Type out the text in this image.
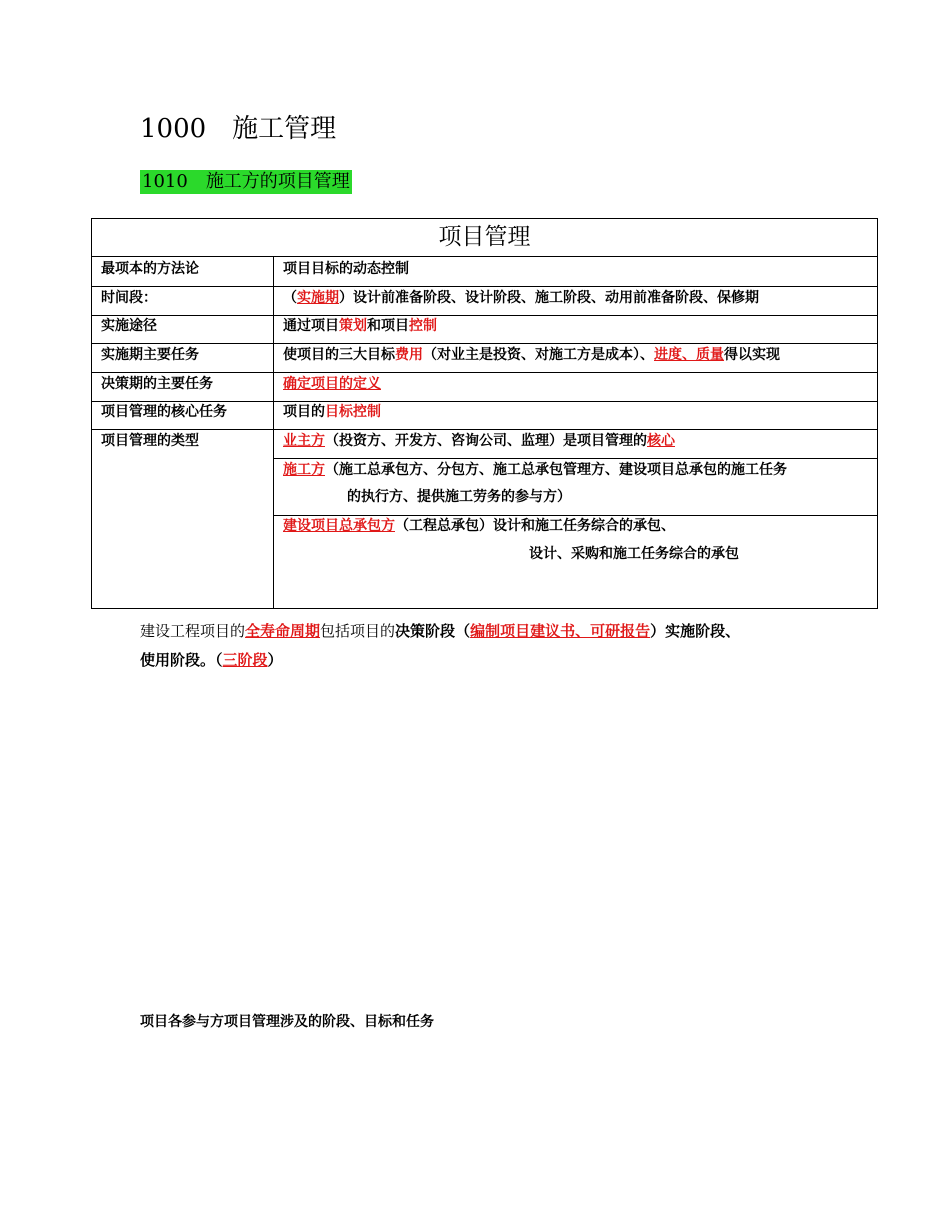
1000 施工管理
1010 施工方的项目管理
项目管理
最项本的方法论	项目目标的动态控制
时间段：	（实施期）设计前准备阶段、设计阶段、施工阶段、动用前准备阶段、保修期
实施途径	通过项目策划和项目控制
实施期主要任务	使项目的三大目标费用（对业主是投资、对施工方是成本）、进度、质量得以实现
决策期的主要任务	确定项目的定义
项目管理的核心任务	项目的目标控制
项目管理的类型	业主方（投资方、开发方、咨询公司、监理）是项目管理的核心
施工方（施工总承包方、分包方、施工总承包管理方、建设项目总承包的施工任务
的执行方、提供施工劳务的参与方）
建设项目总承包方（工程总承包）设计和施工任务综合的承包、
设计、采购和施工任务综合的承包
建设工程项目的全寿命周期包括项目的决策阶段（编制项目建议书、可研报告）实施阶段、
使用阶段。（三阶段）
项目各参与方项目管理涉及的阶段、目标和任务
